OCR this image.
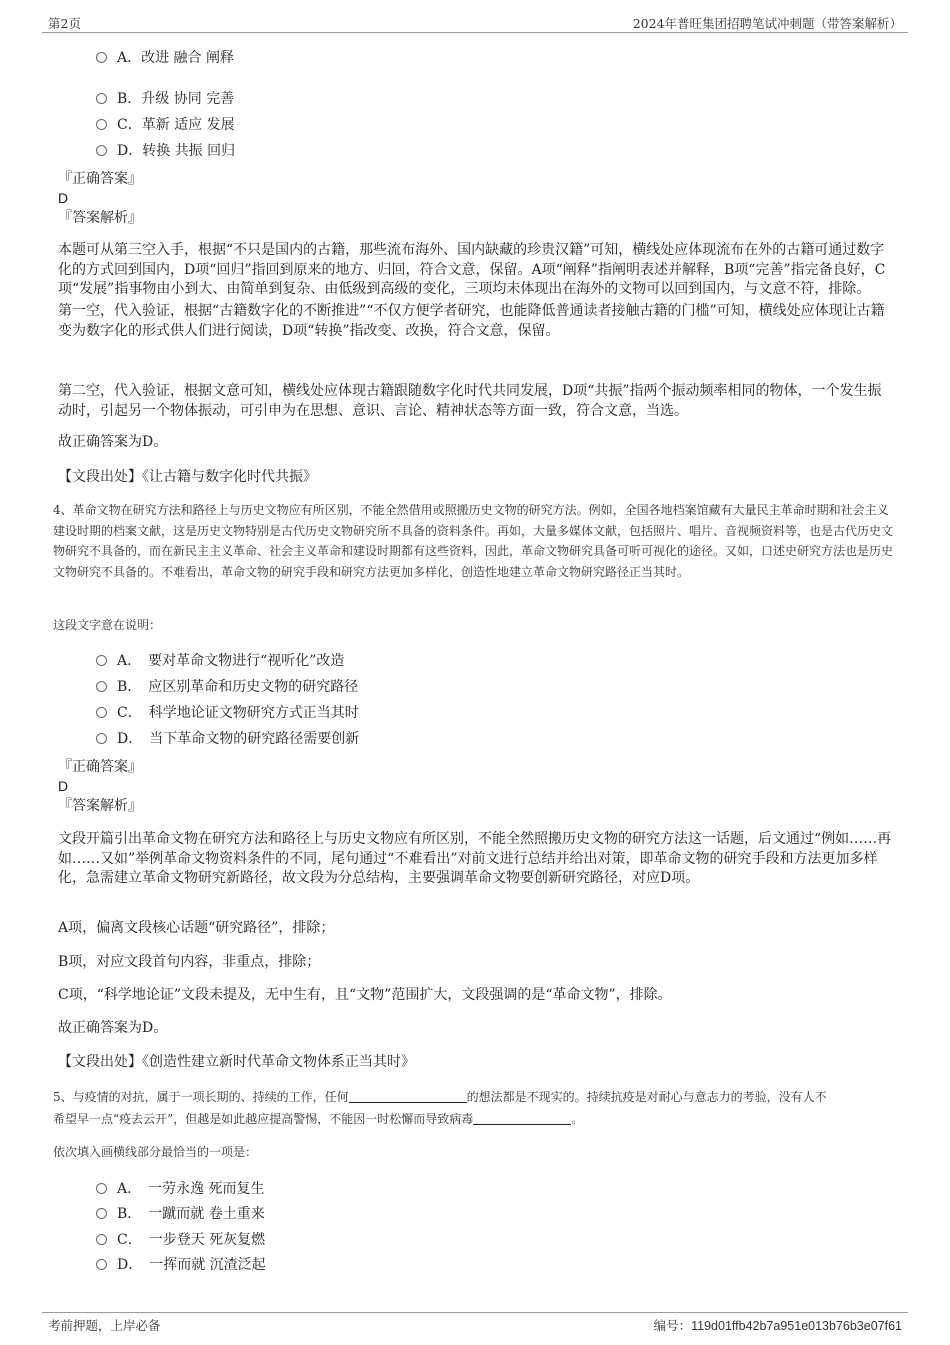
第2页	2024年普旺集团招聘笔试冲刺题（带答案解析）
A．改进 融合 阐释
B．升级 协同 完善
C．革新 适应 发展
D．转换 共振 回归
『正确答案』
D
『答案解析』

本题可从第三空入手，根据“不只是国内的古籍，那些流布海外、国内缺藏的珍贵汉籍”可知，横线处应体现流布在外的古籍可通过数字化的方式回到国内，D项“回归”指回到原来的地方、归回，符合文意，保留。A项“阐释”指阐明表述并解释，B项“完善”指完备良好，C项“发展”指事物由小到大、由简单到复杂、由低级到高级的变化，三项均未体现出在海外的文物可以回到国内，与文意不符，排除。

第一空，代入验证，根据“古籍数字化的不断推进”“不仅方便学者研究，也能降低普通读者接触古籍的门槛”可知，横线处应体现让古籍变为数字化的形式供人们进行阅读，D项“转换”指改变、改换，符合文意，保留。

第二空，代入验证，根据文意可知，横线处应体现古籍跟随数字化时代共同发展，D项“共振”指两个振动频率相同的物体，一个发生振动时，引起另一个物体振动，可引申为在思想、意识、言论、精神状态等方面一致，符合文意，当选。

故正确答案为D。

【文段出处】《让古籍与数字化时代共振》

4、革命文物在研究方法和路径上与历史文物应有所区别，不能全然借用或照搬历史文物的研究方法。例如，全国各地档案馆藏有大量民主革命时期和社会主义建设时期的档案文献，这是历史文物特别是古代历史文物研究所不具备的资料条件。再如，大量多媒体文献，包括照片、唱片、音视频资料等，也是古代历史文物研究不具备的，而在新民主主义革命、社会主义革命和建设时期都有这些资料，因此，革命文物研究具备可听可视化的途径。又如，口述史研究方法也是历史文物研究不具备的。不难看出，革命文物的研究手段和研究方法更加多样化，创造性地建立革命文物研究路径正当其时。

这段文字意在说明：
A．　要对革命文物进行“视听化”改造
B．　应区别革命和历史文物的研究路径
C．　科学地论证文物研究方式正当其时
D．　当下革命文物的研究路径需要创新
『正确答案』
D
『答案解析』

文段开篇引出革命文物在研究方法和路径上与历史文物应有所区别，不能全然照搬历史文物的研究方法这一话题，后文通过“例如……再如……又如”举例革命文物资料条件的不同，尾句通过“不难看出”对前文进行总结并给出对策，即革命文物的研究手段和方法更加多样化，急需建立革命文物研究新路径，故文段为分总结构，主要强调革命文物要创新研究路径，对应D项。

A项，偏离文段核心话题“研究路径”，排除；

B项，对应文段首句内容，非重点，排除；

C项，“科学地论证”文段未提及，无中生有，且“文物”范围扩大，文段强调的是“革命文物”，排除。

故正确答案为D。

【文段出处】《创造性建立新时代革命文物体系正当其时》
5、与疫情的对抗，属于一项长期的、持续的工作，任何	的想法都是不现实的。持续抗疫是对耐心与意志力的考验，没有人不
希望早一点“疫去云开”，但越是如此越应提高警惕，不能因一时松懈而导致病毒	。
依次填入画横线部分最恰当的一项是：
A．　一劳永逸 死而复生
B．　一蹴而就 卷土重来
C．　一步登天 死灰复燃
D．　一挥而就 沉渣泛起
考前押题，上岸必备	编号：119d01ffb42b7a951e013b76b3e07f61
